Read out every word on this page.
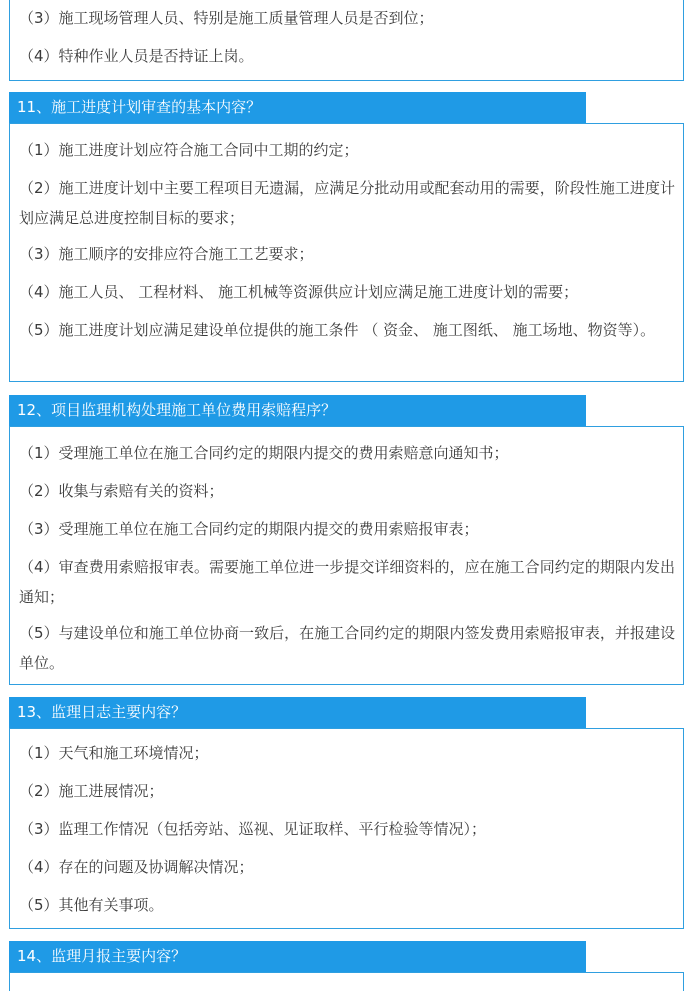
（3）施工现场管理人员、特别是施工质量管理人员是否到位；
（4）特种作业人员是否持证上岗。
11、施工进度计划审查的基本内容？
（1）施工进度计划应符合施工合同中工期的约定；
（2）施工进度计划中主要工程项目无遗漏，应满足分批动用或配套动用的需要，阶段性施工进度计划应满足总进度控制目标的要求；
（3）施工顺序的安排应符合施工工艺要求；
（4）施工人员、 工程材料、 施工机械等资源供应计划应满足施工进度计划的需要；
（5）施工进度计划应满足建设单位提供的施工条件 （ 资金、 施工图纸、 施工场地、物资等）。
12、项目监理机构处理施工单位费用索赔程序？
（1）受理施工单位在施工合同约定的期限内提交的费用索赔意向通知书；
（2）收集与索赔有关的资料；
（3）受理施工单位在施工合同约定的期限内提交的费用索赔报审表；
（4）审查费用索赔报审表。需要施工单位进一步提交详细资料的，应在施工合同约定的期限内发出通知；
（5）与建设单位和施工单位协商一致后，在施工合同约定的期限内签发费用索赔报审表，并报建设单位。
13、监理日志主要内容？
（1）天气和施工环境情况；
（2）施工进展情况；
（3）监理工作情况（包括旁站、巡视、见证取样、平行检验等情况）；
（4）存在的问题及协调解决情况；
（5）其他有关事项。
14、监理月报主要内容？
